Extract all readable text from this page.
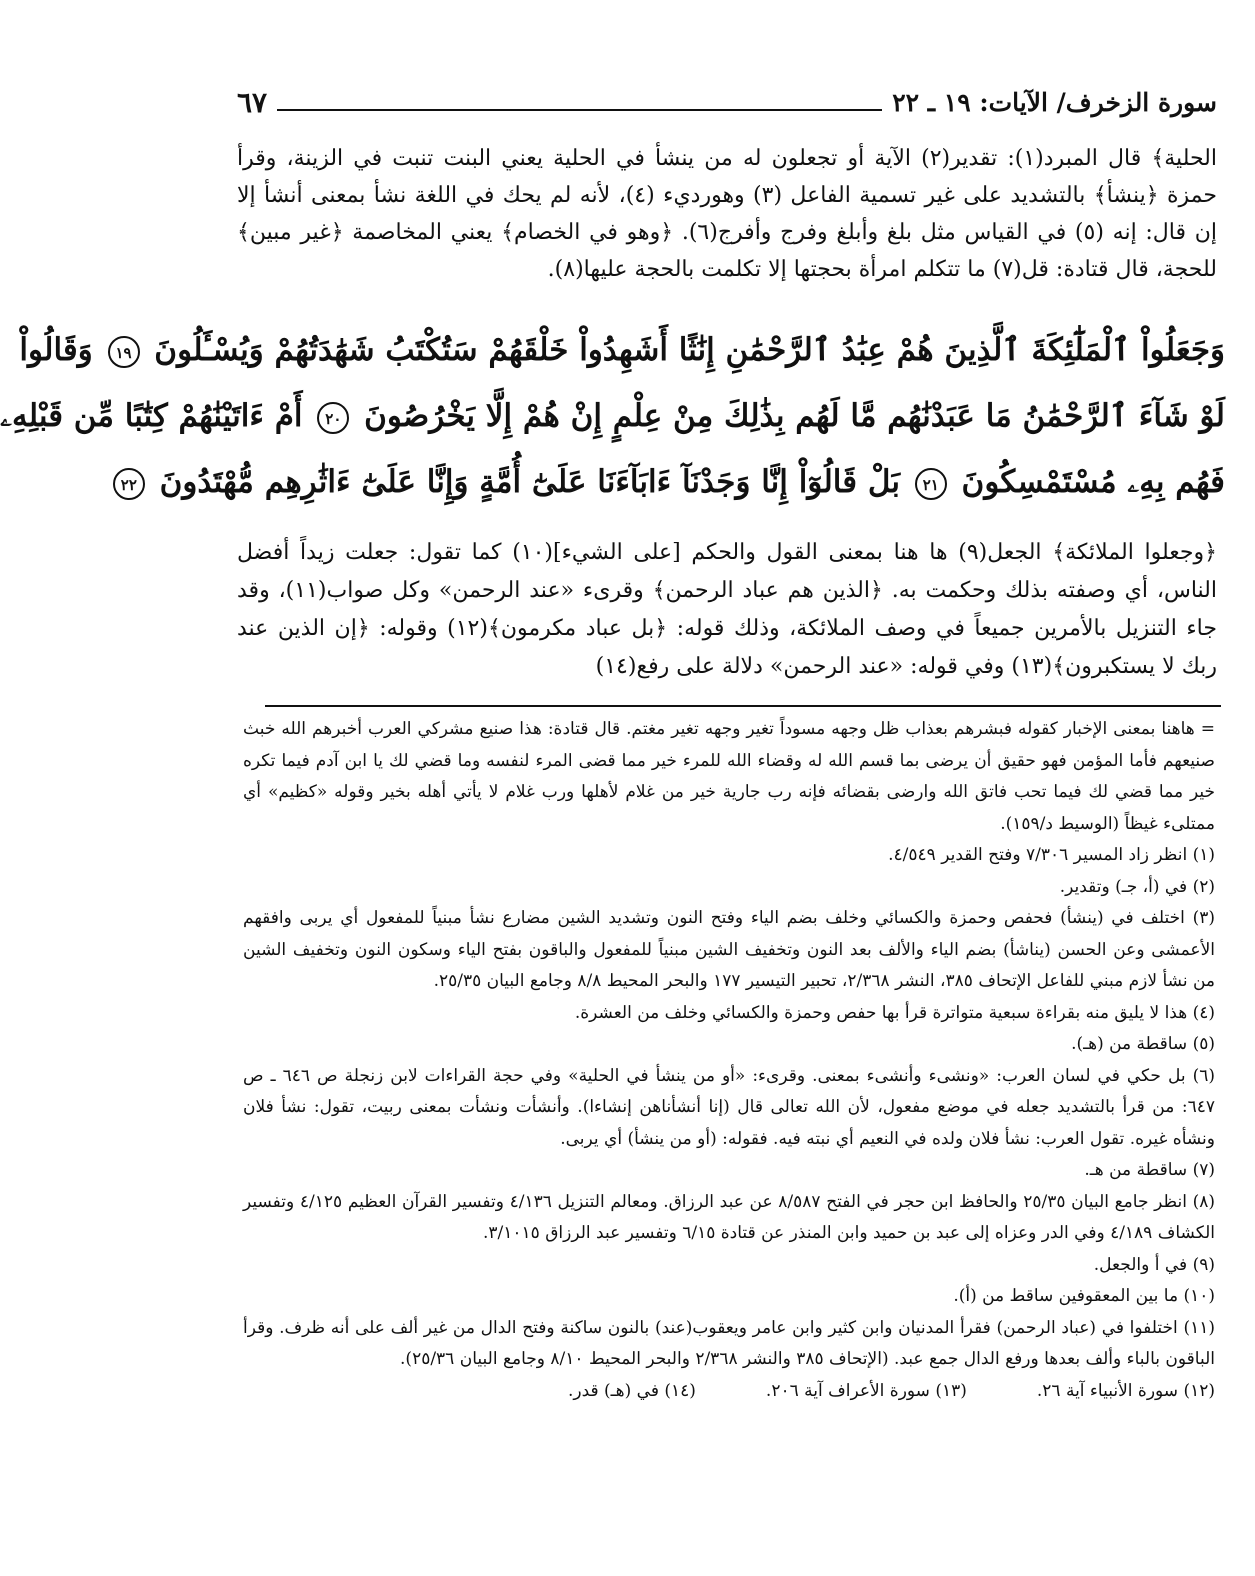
سورة الزخرف/ الآيات: ١٩ ـ ٢٢
٦٧

الحلية﴾ قال المبرد(١): تقدير(٢) الآية أو تجعلون له من ينشأ في الحلية يعني البنت تنبت في الزينة، وقرأ حمزة ﴿ينشأ﴾ بالتشديد على غير تسمية الفاعل (٣) وهورديء (٤)، لأنه لم يحك في اللغة نشأ بمعنى أنشأ إلا إن قال: إنه (٥) في القياس مثل بلغ وأبلغ وفرج وأفرج(٦). ﴿وهو في الخصام﴾ يعني المخاصمة ﴿غير مبين﴾ للحجة، قال قتادة: قل(٧) ما تتكلم امرأة بحجتها إلا تكلمت بالحجة عليها(٨).

وَجَعَلُواْ ٱلْمَلَٰٓئِكَةَ ٱلَّذِينَ هُمْ عِبَٰدُ ٱلرَّحْمَٰنِ إِنَٰثًا أَشَهِدُواْ خَلْقَهُمْ سَتُكْتَبُ شَهَٰدَتُهُمْ وَيُسْـَٔلُونَ ١٩ وَقَالُواْ
لَوْ شَآءَ ٱلرَّحْمَٰنُ مَا عَبَدْنَٰهُم مَّا لَهُم بِذَٰلِكَ مِنْ عِلْمٍ إِنْ هُمْ إِلَّا يَخْرُصُونَ ٢٠ أَمْ ءَاتَيْنَٰهُمْ كِتَٰبًا مِّن قَبْلِهِۦ
فَهُم بِهِۦ مُسْتَمْسِكُونَ ٢١ بَلْ قَالُوٓاْ إِنَّا وَجَدْنَآ ءَابَآءَنَا عَلَىٰٓ أُمَّةٍ وَإِنَّا عَلَىٰٓ ءَاثَٰرِهِم مُّهْتَدُونَ ٢٢

﴿وجعلوا الملائكة﴾ الجعل(٩) ها هنا بمعنى القول والحكم [على الشيء](١٠) كما تقول: جعلت زيداً أفضل الناس، أي وصفته بذلك وحكمت به. ﴿الذين هم عباد الرحمن﴾ وقرىء «عند الرحمن» وكل صواب(١١)، وقد جاء التنزيل بالأمرين جميعاً في وصف الملائكة، وذلك قوله: ﴿بل عباد مكرمون﴾(١٢) وقوله: ﴿إن الذين عند ربك لا يستكبرون﴾(١٣) وفي قوله: «عند الرحمن» دلالة على رفع(١٤)

= هاهنا بمعنى الإخبار كقوله فبشرهم بعذاب ظل وجهه مسوداً تغير وجهه تغير مغتم. قال قتادة: هذا صنيع مشركي العرب أخبرهم الله خبث صنيعهم فأما المؤمن فهو حقيق أن يرضى بما قسم الله له وقضاء الله للمرء خير مما قضى المرء لنفسه وما قضي لك يا ابن آدم فيما تكره خير مما قضي لك فيما تحب فاتق الله وارضى بقضائه فإنه رب جارية خير من غلام لأهلها ورب غلام لا يأتي أهله بخير وقوله «كظيم» أي ممتلىء غيظاً (الوسيط د/١٥٩).

(١) انظر زاد المسير ٧/٣٠٦ وفتح القدير ٤/٥٤٩.

(٢) في (أ، جـ) وتقدير.

(٣) اختلف في (ينشأ) فحفص وحمزة والكسائي وخلف بضم الياء وفتح النون وتشديد الشين مضارع نشأ مبنياً للمفعول أي يربى وافقهم الأعمشى وعن الحسن (يناشأ) بضم الياء والألف بعد النون وتخفيف الشين مبنياً للمفعول والباقون بفتح الياء وسكون النون وتخفيف الشين من نشأ لازم مبني للفاعل الإتحاف ٣٨٥، النشر ٢/٣٦٨، تحبير التيسير ١٧٧ والبحر المحيط ٨/٨ وجامع البيان ٢٥/٣٥.

(٤) هذا لا يليق منه بقراءة سبعية متواترة قرأ بها حفص وحمزة والكسائي وخلف من العشرة.

(٥) ساقطة من (هـ).

(٦) بل حكي في لسان العرب: «ونشىء وأنشىء بمعنى. وقرىء: «أو من ينشأ في الحلية» وفي حجة القراءات لابن زنجلة ص ٦٤٦ ـ ص ٦٤٧: من قرأ بالتشديد جعله في موضع مفعول، لأن الله تعالى قال (إنا أنشأناهن إنشاءا). وأنشأت ونشأت بمعنى ربيت، تقول: نشأ فلان ونشأه غيره. تقول العرب: نشأ فلان ولده في النعيم أي نبته فيه. فقوله: (أو من ينشأ) أي يربى.

(٧) ساقطة من هـ.

(٨) انظر جامع البيان ٢٥/٣٥ والحافظ ابن حجر في الفتح ٨/٥٨٧ عن عبد الرزاق. ومعالم التنزيل ٤/١٣٦ وتفسير القرآن العظيم ٤/١٢٥ وتفسير الكشاف ٤/١٨٩ وفي الدر وعزاه إلى عبد بن حميد وابن المنذر عن قتادة ٦/١٥ وتفسير عبد الرزاق ٣/١٠١٥.

(٩) في أ والجعل.

(١٠) ما بين المعقوفين ساقط من (أ).

(١١) اختلفوا في (عباد الرحمن) فقرأ المدنيان وابن كثير وابن عامر ويعقوب(عند) بالنون ساكنة وفتح الدال من غير ألف على أنه ظرف. وقرأ الباقون بالباء وألف بعدها ورفع الدال جمع عبد. (الإتحاف ٣٨٥ والنشر ٢/٣٦٨ والبحر المحيط ٨/١٠ وجامع البيان ٢٥/٣٦).

(١٢) سورة الأنبياء آية ٢٦.
(١٣) سورة الأعراف آية ٢٠٦.
(١٤) في (هـ) قدر.
